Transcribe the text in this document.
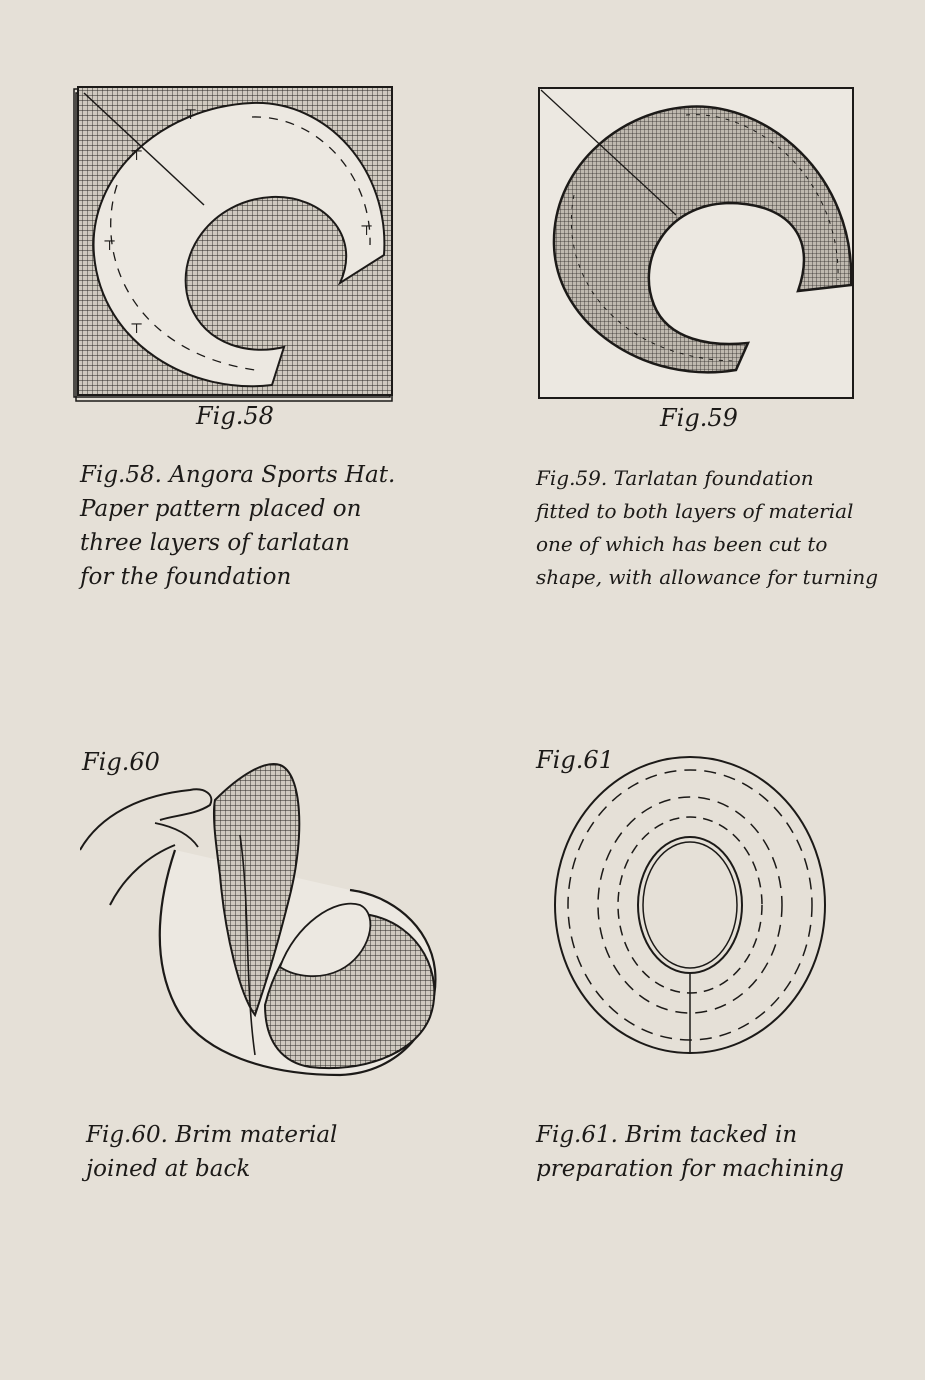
⊤
⊤
⊤
⊤
⊤
Fig.58
Fig.58. Angora Sports Hat.
Paper pattern placed on
three layers of tarlatan
for the foundation
Fig.59
Fig.59. Tarlatan foundation
fitted to both layers of material
one of which has been cut to
shape, with allowance for turning
Fig.60
Fig.60. Brim material
joined at back
Fig.61
Fig.61. Brim tacked in
preparation for machining
